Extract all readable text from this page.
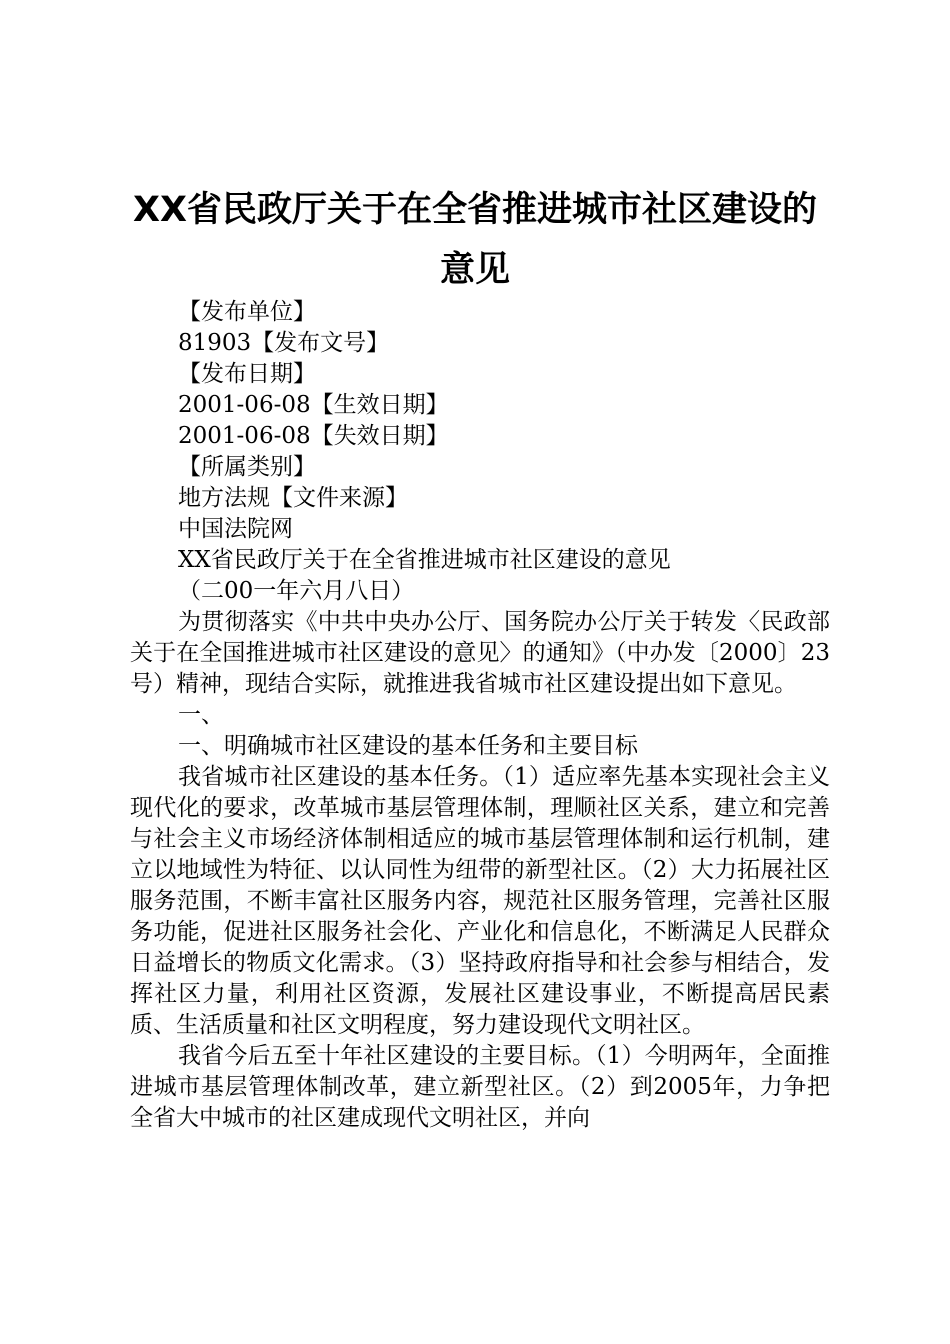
XX省民政厅关于在全省推进城市社区建设的
意见

【发布单位】

81903【发布文号】

【发布日期】

2001-06-08【生效日期】

2001-06-08【失效日期】

【所属类别】

地方法规【文件来源】

中国法院网

XX省民政厅关于在全省推进城市社区建设的意见

（二00一年六月八日）

为贯彻落实《中共中央办公厅、国务院办公厅关于转发〈民政部关于在全国推进城市社区建设的意见〉的通知》（中办发〔2000〕23号）精神，现结合实际，就推进我省城市社区建设提出如下意见。

一、

一、明确城市社区建设的基本任务和主要目标

我省城市社区建设的基本任务。（1）适应率先基本实现社会主义现代化的要求，改革城市基层管理体制，理顺社区关系，建立和完善与社会主义市场经济体制相适应的城市基层管理体制和运行机制，建立以地域性为特征、以认同性为纽带的新型社区。（2）大力拓展社区服务范围，不断丰富社区服务内容，规范社区服务管理，完善社区服务功能，促进社区服务社会化、产业化和信息化，不断满足人民群众日益增长的物质文化需求。（3）坚持政府指导和社会参与相结合，发挥社区力量，利用社区资源，发展社区建设事业，不断提高居民素质、生活质量和社区文明程度，努力建设现代文明社区。

我省今后五至十年社区建设的主要目标。（1）今明两年，全面推进城市基层管理体制改革，建立新型社区。（2）到2005年，力争把全省大中城市的社区建成现代文明社区，并向
